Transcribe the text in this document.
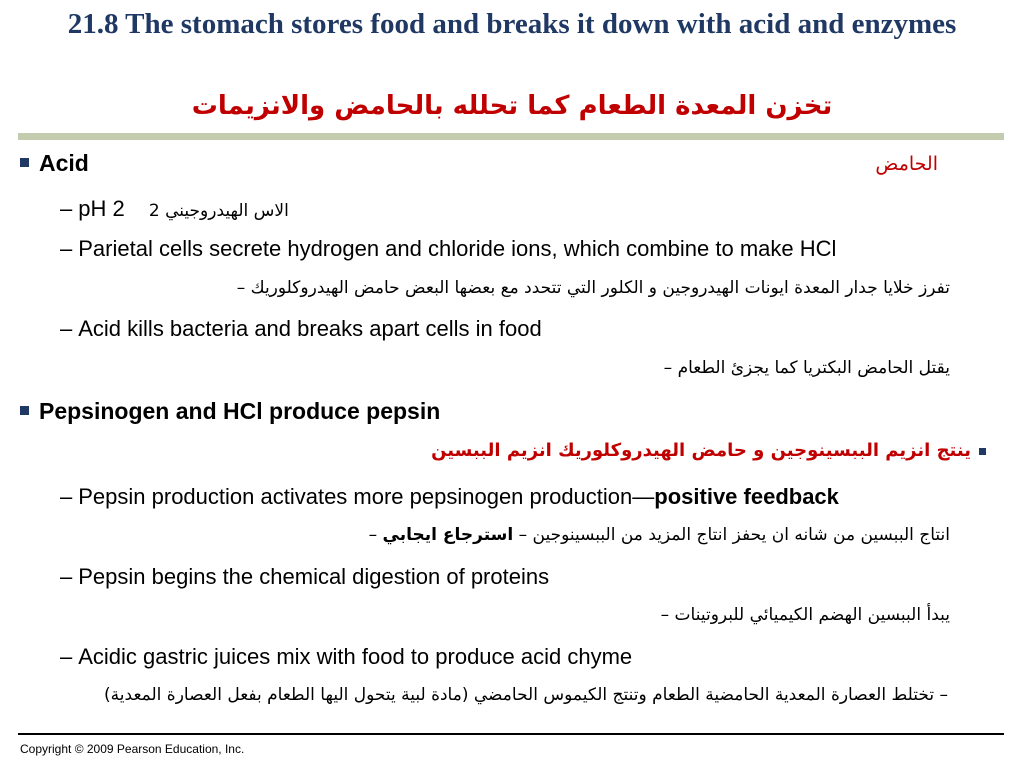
21.8 The stomach stores food and breaks it down with acid and enzymes
تخزن المعدة الطعام كما تحلله بالحامض والانزيمات
Acid	الحامض
– pH 2 الاس الهيدروجيني 2
– Parietal cells secrete hydrogen and chloride ions, which combine to make HCl
تفرز خلايا جدار المعدة ايونات الهيدروجين و الكلور التي تتحدد مع بعضها البعض حامض الهيدروكلوريك –
– Acid kills bacteria and breaks apart cells in food
يقتل الحامض البكتريا كما يجزئ الطعام –
Pepsinogen and HCl produce pepsin
ينتج انزيم الببسينوجين و حامض الهيدروكلوريك انزيم الببسين
– Pepsin production activates more pepsinogen production—positive feedback
انتاج الببسين من شانه ان يحفز انتاج المزيد من الببسينوجين – استرجاع ايجابي –
– Pepsin begins the chemical digestion of proteins
يبدأ الببسين الهضم الكيميائي للبروتينات –
– Acidic gastric juices mix with food to produce acid chyme
– تختلط العصارة المعدية الحامضية الطعام وتنتج الكيموس الحامضي (مادة لبية يتحول اليها الطعام بفعل العصارة المعدية)
Copyright © 2009 Pearson Education, Inc.
